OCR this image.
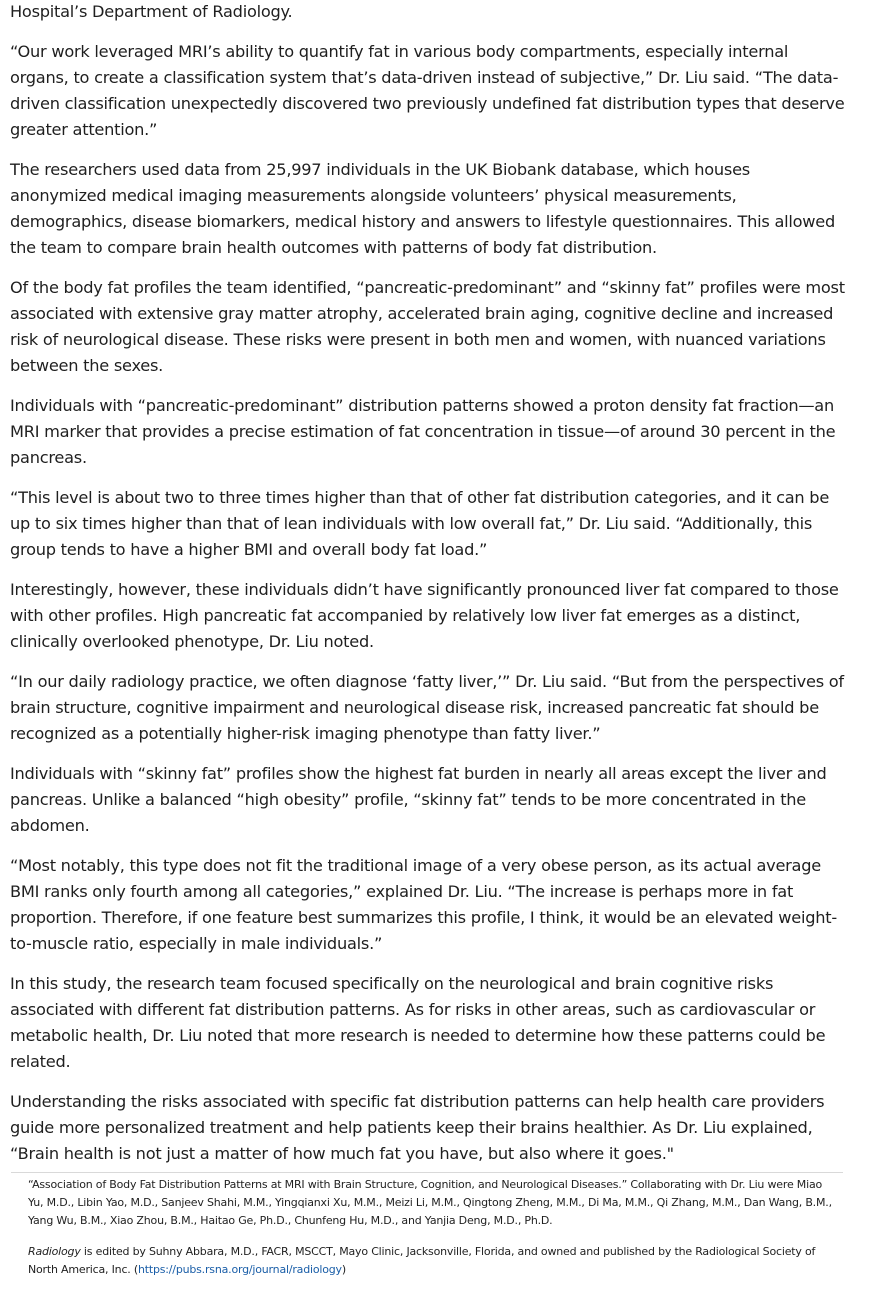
Hospital’s Department of Radiology.

“Our work leveraged MRI’s ability to quantify fat in various body compartments, especially internal organs, to create a classification system that’s data-driven instead of subjective,” Dr. Liu said. “The data-driven classification unexpectedly discovered two previously undefined fat distribution types that deserve greater attention.”

The researchers used data from 25,997 individuals in the UK Biobank database, which houses anonymized medical imaging measurements alongside volunteers’ physical measurements, demographics, disease biomarkers, medical history and answers to lifestyle questionnaires. This allowed the team to compare brain health outcomes with patterns of body fat distribution.

Of the body fat profiles the team identified, “pancreatic-predominant” and “skinny fat” profiles were most associated with extensive gray matter atrophy, accelerated brain aging, cognitive decline and increased risk of neurological disease. These risks were present in both men and women, with nuanced variations between the sexes.

Individuals with “pancreatic-predominant” distribution patterns showed a proton density fat fraction—an MRI marker that provides a precise estimation of fat concentration in tissue—of around 30 percent in the pancreas.

“This level is about two to three times higher than that of other fat distribution categories, and it can be up to six times higher than that of lean individuals with low overall fat,” Dr. Liu said. “Additionally, this group tends to have a higher BMI and overall body fat load.”

Interestingly, however, these individuals didn’t have significantly pronounced liver fat compared to those with other profiles. High pancreatic fat accompanied by relatively low liver fat emerges as a distinct, clinically overlooked phenotype, Dr. Liu noted.

“In our daily radiology practice, we often diagnose ‘fatty liver,’” Dr. Liu said. “But from the perspectives of brain structure, cognitive impairment and neurological disease risk, increased pancreatic fat should be recognized as a potentially higher-risk imaging phenotype than fatty liver.”

Individuals with “skinny fat” profiles show the highest fat burden in nearly all areas except the liver and pancreas. Unlike a balanced “high obesity” profile, “skinny fat” tends to be more concentrated in the abdomen.

“Most notably, this type does not fit the traditional image of a very obese person, as its actual average BMI ranks only fourth among all categories,” explained Dr. Liu. “The increase is perhaps more in fat proportion. Therefore, if one feature best summarizes this profile, I think, it would be an elevated weight-to-muscle ratio, especially in male individuals.”

In this study, the research team focused specifically on the neurological and brain cognitive risks associated with different fat distribution patterns. As for risks in other areas, such as cardiovascular or metabolic health, Dr. Liu noted that more research is needed to determine how these patterns could be related.

Understanding the risks associated with specific fat distribution patterns can help health care providers guide more personalized treatment and help patients keep their brains healthier. As Dr. Liu explained, “Brain health is not just a matter of how much fat you have, but also where it goes."

“Association of Body Fat Distribution Patterns at MRI with Brain Structure, Cognition, and Neurological Diseases.” Collaborating with Dr. Liu were Miao Yu, M.D., Libin Yao, M.D., Sanjeev Shahi, M.M., Yingqianxi Xu, M.M., Meizi Li, M.M., Qingtong Zheng, M.M., Di Ma, M.M., Qi Zhang, M.M., Dan Wang, B.M., Yang Wu, B.M., Xiao Zhou, B.M., Haitao Ge, Ph.D., Chunfeng Hu, M.D., and Yanjia Deng, M.D., Ph.D.

Radiology is edited by Suhny Abbara, M.D., FACR, MSCCT, Mayo Clinic, Jacksonville, Florida, and owned and published by the Radiological Society of North America, Inc. (https://pubs.rsna.org/journal/radiology)
